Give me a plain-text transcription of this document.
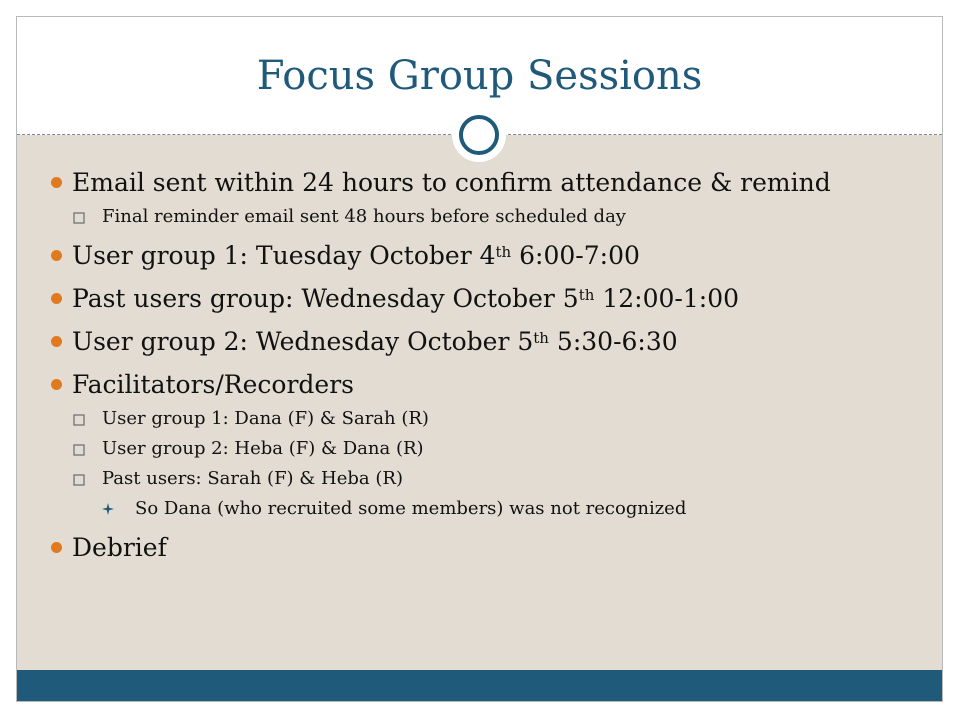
Focus Group Sessions
Email sent within 24 hours to confirm attendance & remind
Final reminder email sent 48 hours before scheduled day
User group 1: Tuesday October 4th 6:00-7:00
Past users group: Wednesday October 5th 12:00-1:00
User group 2: Wednesday October 5th 5:30-6:30
Facilitators/Recorders
User group 1: Dana (F) & Sarah (R)
User group 2: Heba (F) & Dana (R)
Past users: Sarah (F) & Heba (R)
So Dana (who recruited some members) was not recognized
Debrief
